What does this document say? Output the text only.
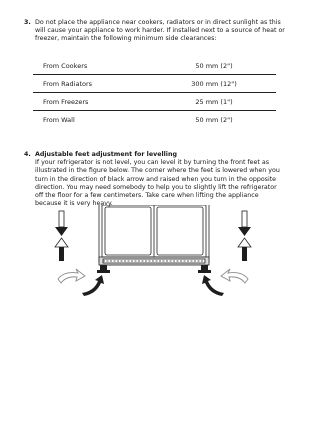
3. Do not place the appliance near cookers, radiators or in direct sunlight as this will cause your appliance to work harder. If installed next to a source of heat or freezer, maintain the following minimum side clearances:
From Cookers	50 mm (2")
From Radiators	300 mm (12")
From Freezers	25 mm (1")
From Wall	50 mm (2")
4. Adjustable feet adjustment for levelling
If your refrigerator is not level, you can level it by turning the front feet as illustrated in the figure below. The corner where the feet is lowered when you turn in the direction of black arrow and raised when you turn in the opposite direction. You may need somebody to help you to slightly lift the refrigerator off the floor for a few centimeters. Take care when lifting the appliance because it is very heavy.
